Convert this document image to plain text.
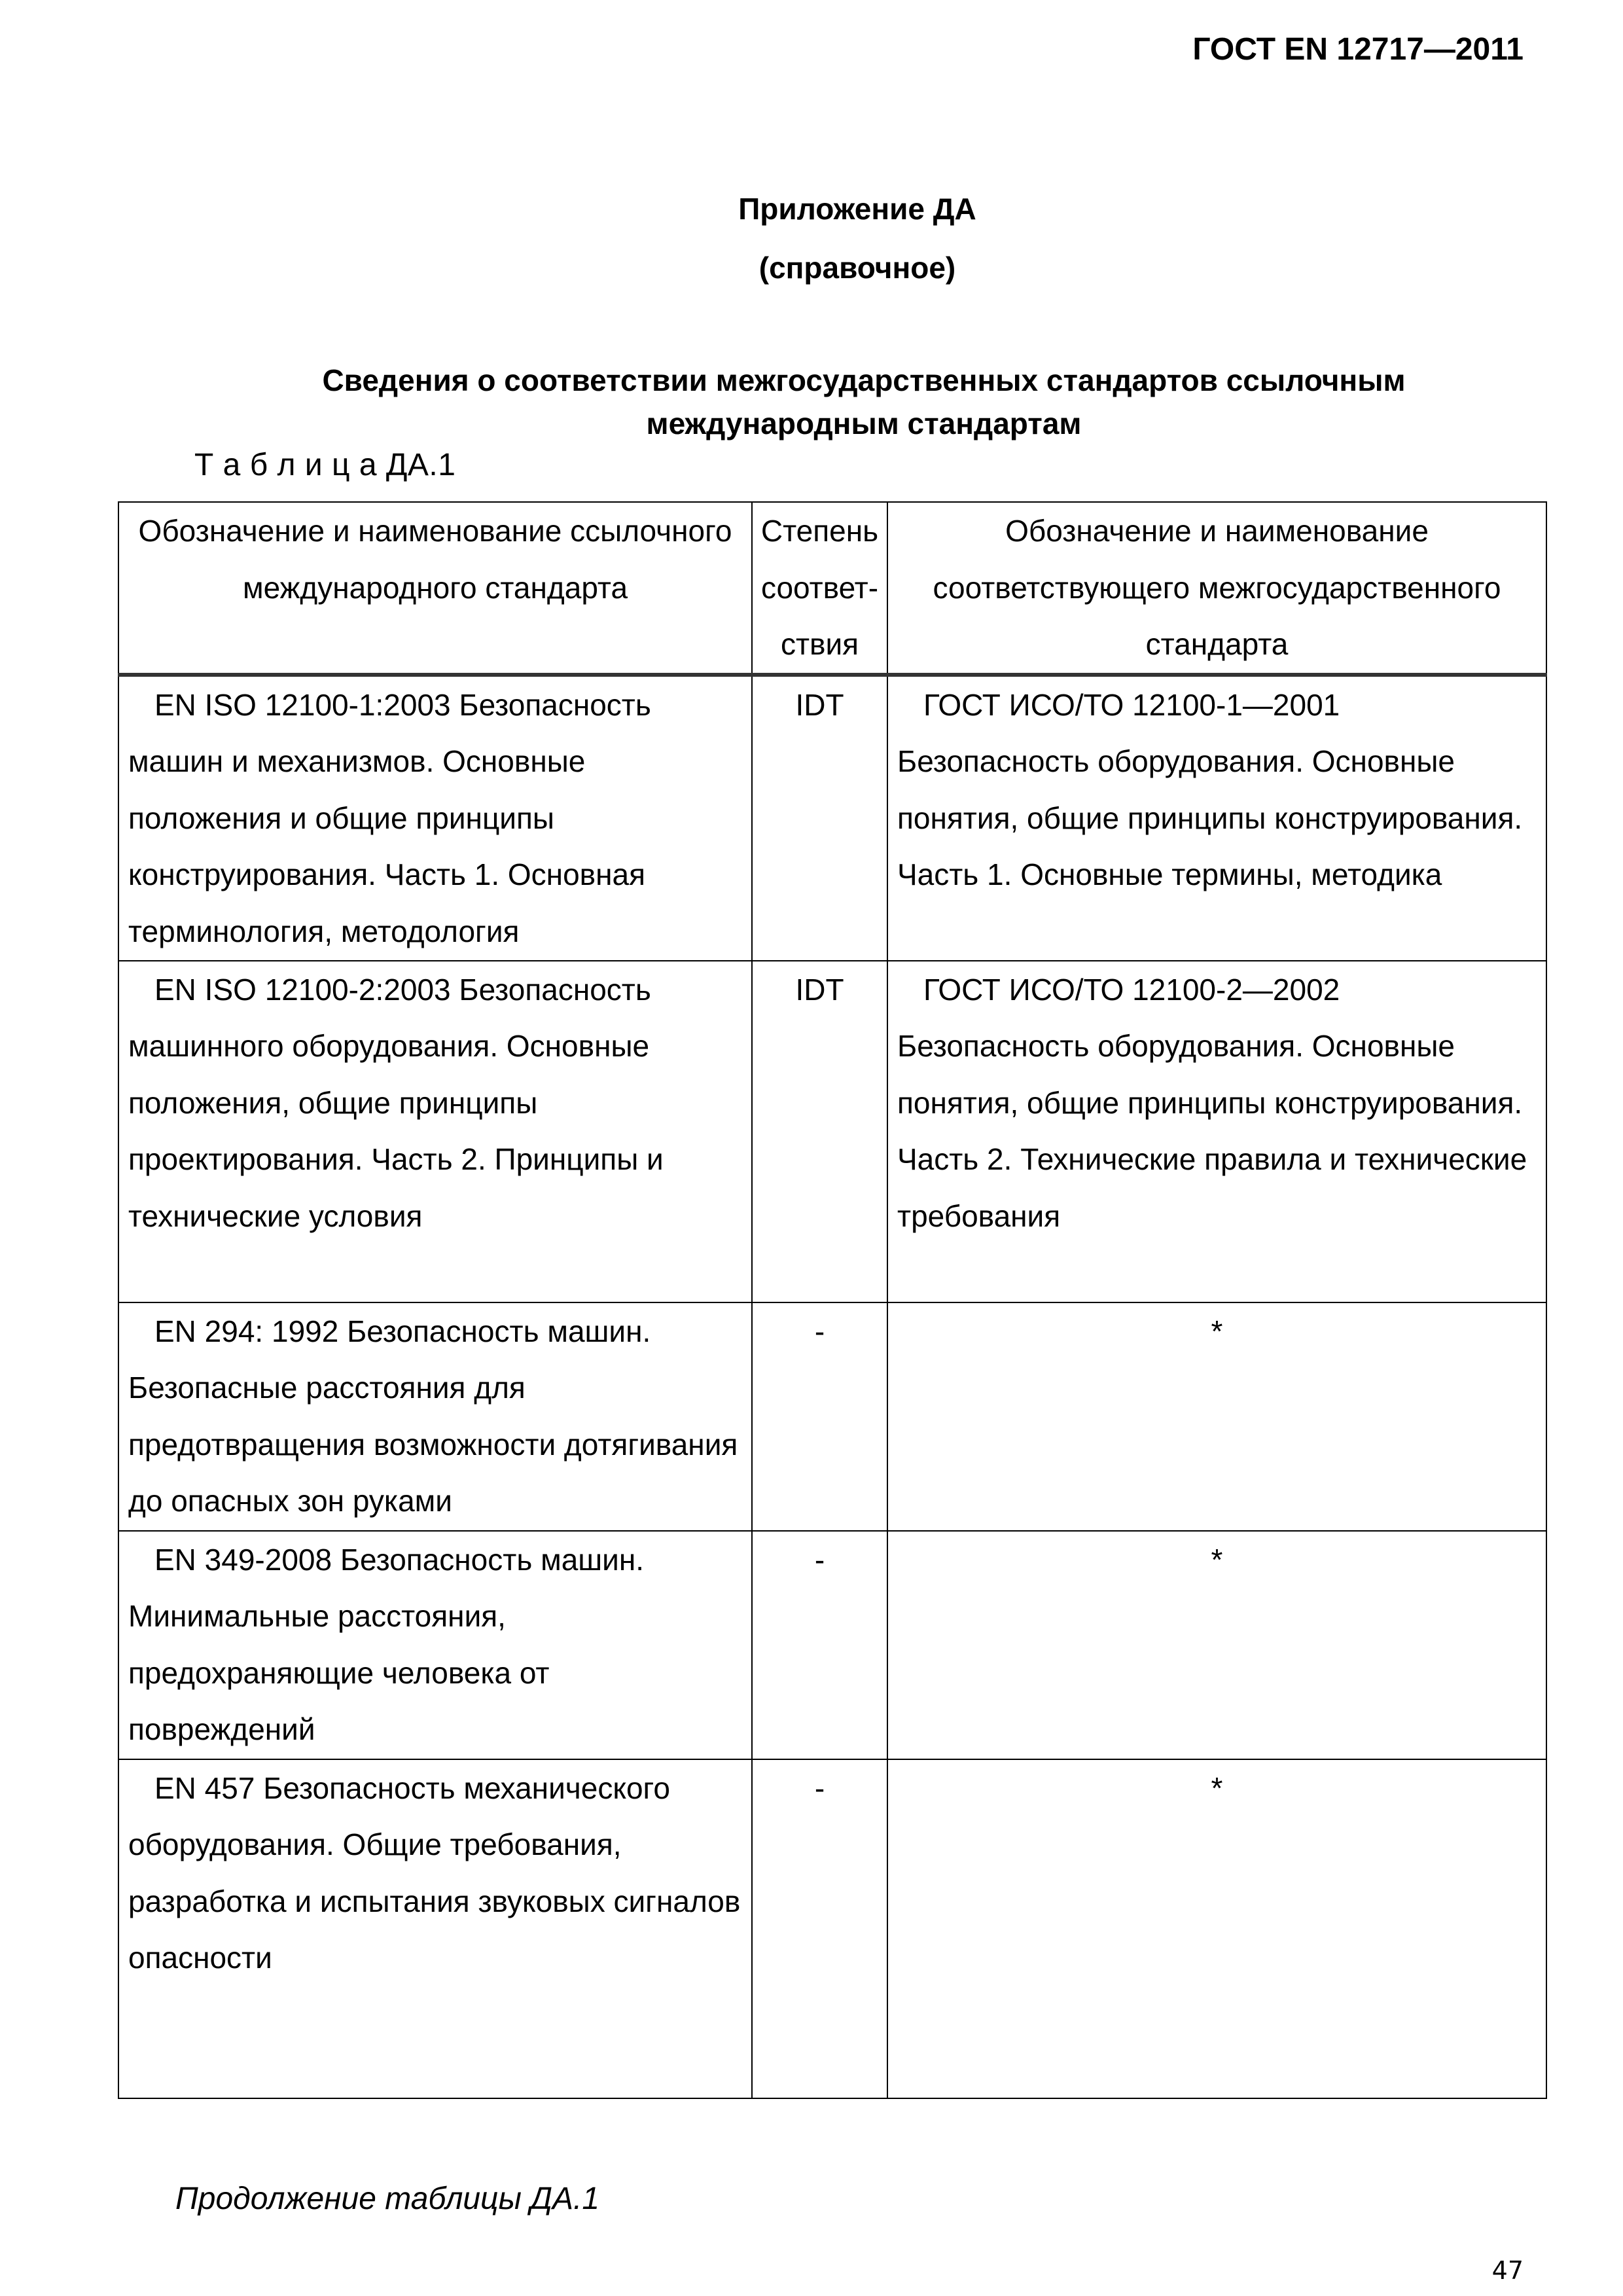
ГОСТ EN 12717—2011
Приложение ДА
(справочное)
Сведения о соответствии межгосударственных стандартов ссылочным международным стандартам
Т а б л и ц а ДА.1
Обозначение и наименование ссылочного международного стандарта	Степень соответ-ствия	Обозначение и наименование соответствующего межгосударственного стандарта
EN ISO 12100-1:2003 Безопасность машин и механизмов. Основные положения и общие принципы конструирования. Часть 1. Основная терминология, методология	IDT	ГОСТ ИСО/ТО 12100-1—2001 Безопасность оборудования. Основные понятия, общие принципы конструирования. Часть 1. Основные термины, методика
EN ISO 12100-2:2003 Безопасность машинного оборудования. Основные положения, общие принципы проектирования. Часть 2. Принципы и технические условия	IDT	ГОСТ ИСО/ТО 12100-2—2002 Безопасность оборудования. Основные понятия, общие принципы конструирования. Часть 2. Технические правила и технические требования
EN 294: 1992 Безопасность машин. Безопасные расстояния для предотвращения возможности дотягивания до опасных зон руками	-	*
EN 349-2008 Безопасность машин. Минимальные расстояния, предохраняющие человека от повреждений	-	*
EN 457 Безопасность механического оборудования. Общие требования, разработка и испытания звуковых сигналов опасности	-	*
Продолжение таблицы ДА.1
47
